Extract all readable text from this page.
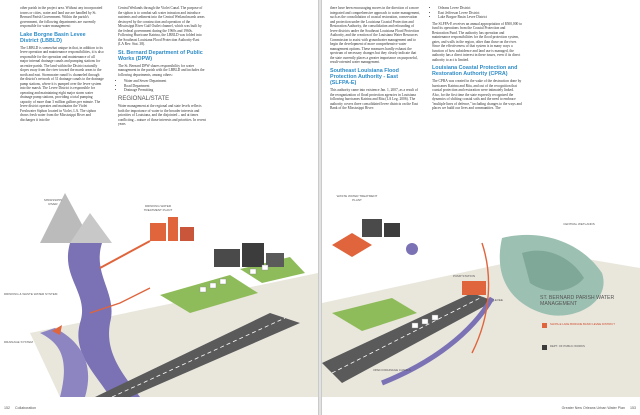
other parish in the project area. Without any incorporated towns or cities, water and land use are handled by St. Bernard Parish Government. Within the parish's government, the following departments are currently responsible for water management:

Lake Borgne Basin Levee District (LBBLD)

The LBBLD is somewhat unique in that, in addition to its levee operation and maintenance responsibilities, it is also responsible for the operation and maintenance of all major internal drainage canals and pumping stations for an entire parish. The land within the District naturally slopes away from the river toward the marsh areas to the north and east. Stormwater runoff is channeled through the district's network of 31 drainage canals to the drainage pump stations, where it is pumped over the levee system into the marsh. The Levee District is responsible for operating and maintaining eight major storm water drainage pump stations, providing a total pumping capacity of more than 3 million gallons per minute. The levee district operates and maintains the Violet Freshwater Siphon located in Violet, LA. The siphon draws fresh water from the Mississippi River and discharges it into the

Central Wetlands through the Violet Canal. The purpose of the siphon is to combat salt water intrusion and introduce nutrients and sediment into the Central Wetland marsh areas destroyed by the construction and operation of the Mississippi River Gulf Outlet channel, which was built by the federal government during the 1960s and 1960s. Following Hurricane Katrina, the LBBLD was folded into the Southeast Louisiana Flood Protection Authority-East (LA Rev. Stat. 38).

St. Bernard Department of Public Works (DPW)

The St. Bernard DPW shares responsibility for water management in the parish with the LBBLD and includes the following departments, among others:

• Water and Sewer Department
• Road Department
• Drainage Permitting
REGIONAL/STATE

Water management at the regional and state levels reflects both the importance of water to the broader interests and priorities of Louisiana, and the disjointed – and at times conflicting – nature of those interests and priorities. In recent years

MISSISSIPPI RIVER
DRINKING WATER TREATMENT PLANT
DRINKING & WASTE WATER SYSTEM
DRAINAGE SYSTEM
152 Collaboration

there have been encouraging moves in the direction of a more integrated and comprehensive approach to water management, such as the consolidation of coastal restoration, conservation and protection under the Louisiana Coastal Protection and Restoration Authority, the consolidation and refounding of levee districts under the Southeast Louisiana Flood Protection Authority, and the creation of the Louisiana Water Resources Commission to assist with groundwater management and to begin the development of more comprehensive water management options. These measures hardly exhaust the spectrum of necessary changes but they clearly indicate that the state currently places a greater importance on purposeful, result-oriented water management.

Southeast Louisiana Flood Protection Authority - East (SLFPA-E)

This authority came into existence Jan. 1, 2007, as a result of the reorganization of flood protection agencies in Louisiana following hurricanes Katrina and Rita (LA Leg. 2006). The authority covers three consolidated levee districts on the East Bank of the Mississippi River:

• Orleans Levee District
• East Jefferson Levee District
• Lake Borgne Basin Levee District

The SLFPA-E receives an annual appropriation of $500,000 to fund its operations from the Coastal Protection and Restoration Fund. The authority has operation and maintenance responsibilities for the flood protection system, gates, and walls in the region, other than those on the river. Since the effectiveness of that system is in many ways a function of how subsidence and land use is managed, the authority has a direct interest in these issues, even if its direct authority to act is limited.

Louisiana Coastal Protection and Restoration Authority (CPRA)

The CPRA was created in the wake of the destruction done by hurricanes Katrina and Rita, and out of the recognition that coastal protection and restoration were intimately linked. Also, for the first time the state expressly recognized the dynamics of shifting coastal soils and the need to embrace "multiple lines of defence," including changes to the ways and places we build our lives and communities. The

WASTE WATER TREATMENT PLANT
CENTRAL WETLANDS
PUMP STATION
LEVEE
OPEN DRAINAGE CANALS
ST. BERNARD PARISH WATER MANAGEMENT
SLFPA-E LAKE BORGNE BASIN LEVEE DISTRICT
DEPT. OF PUBLIC WORKS
Greater New Orleans Urban Water Plan 153
